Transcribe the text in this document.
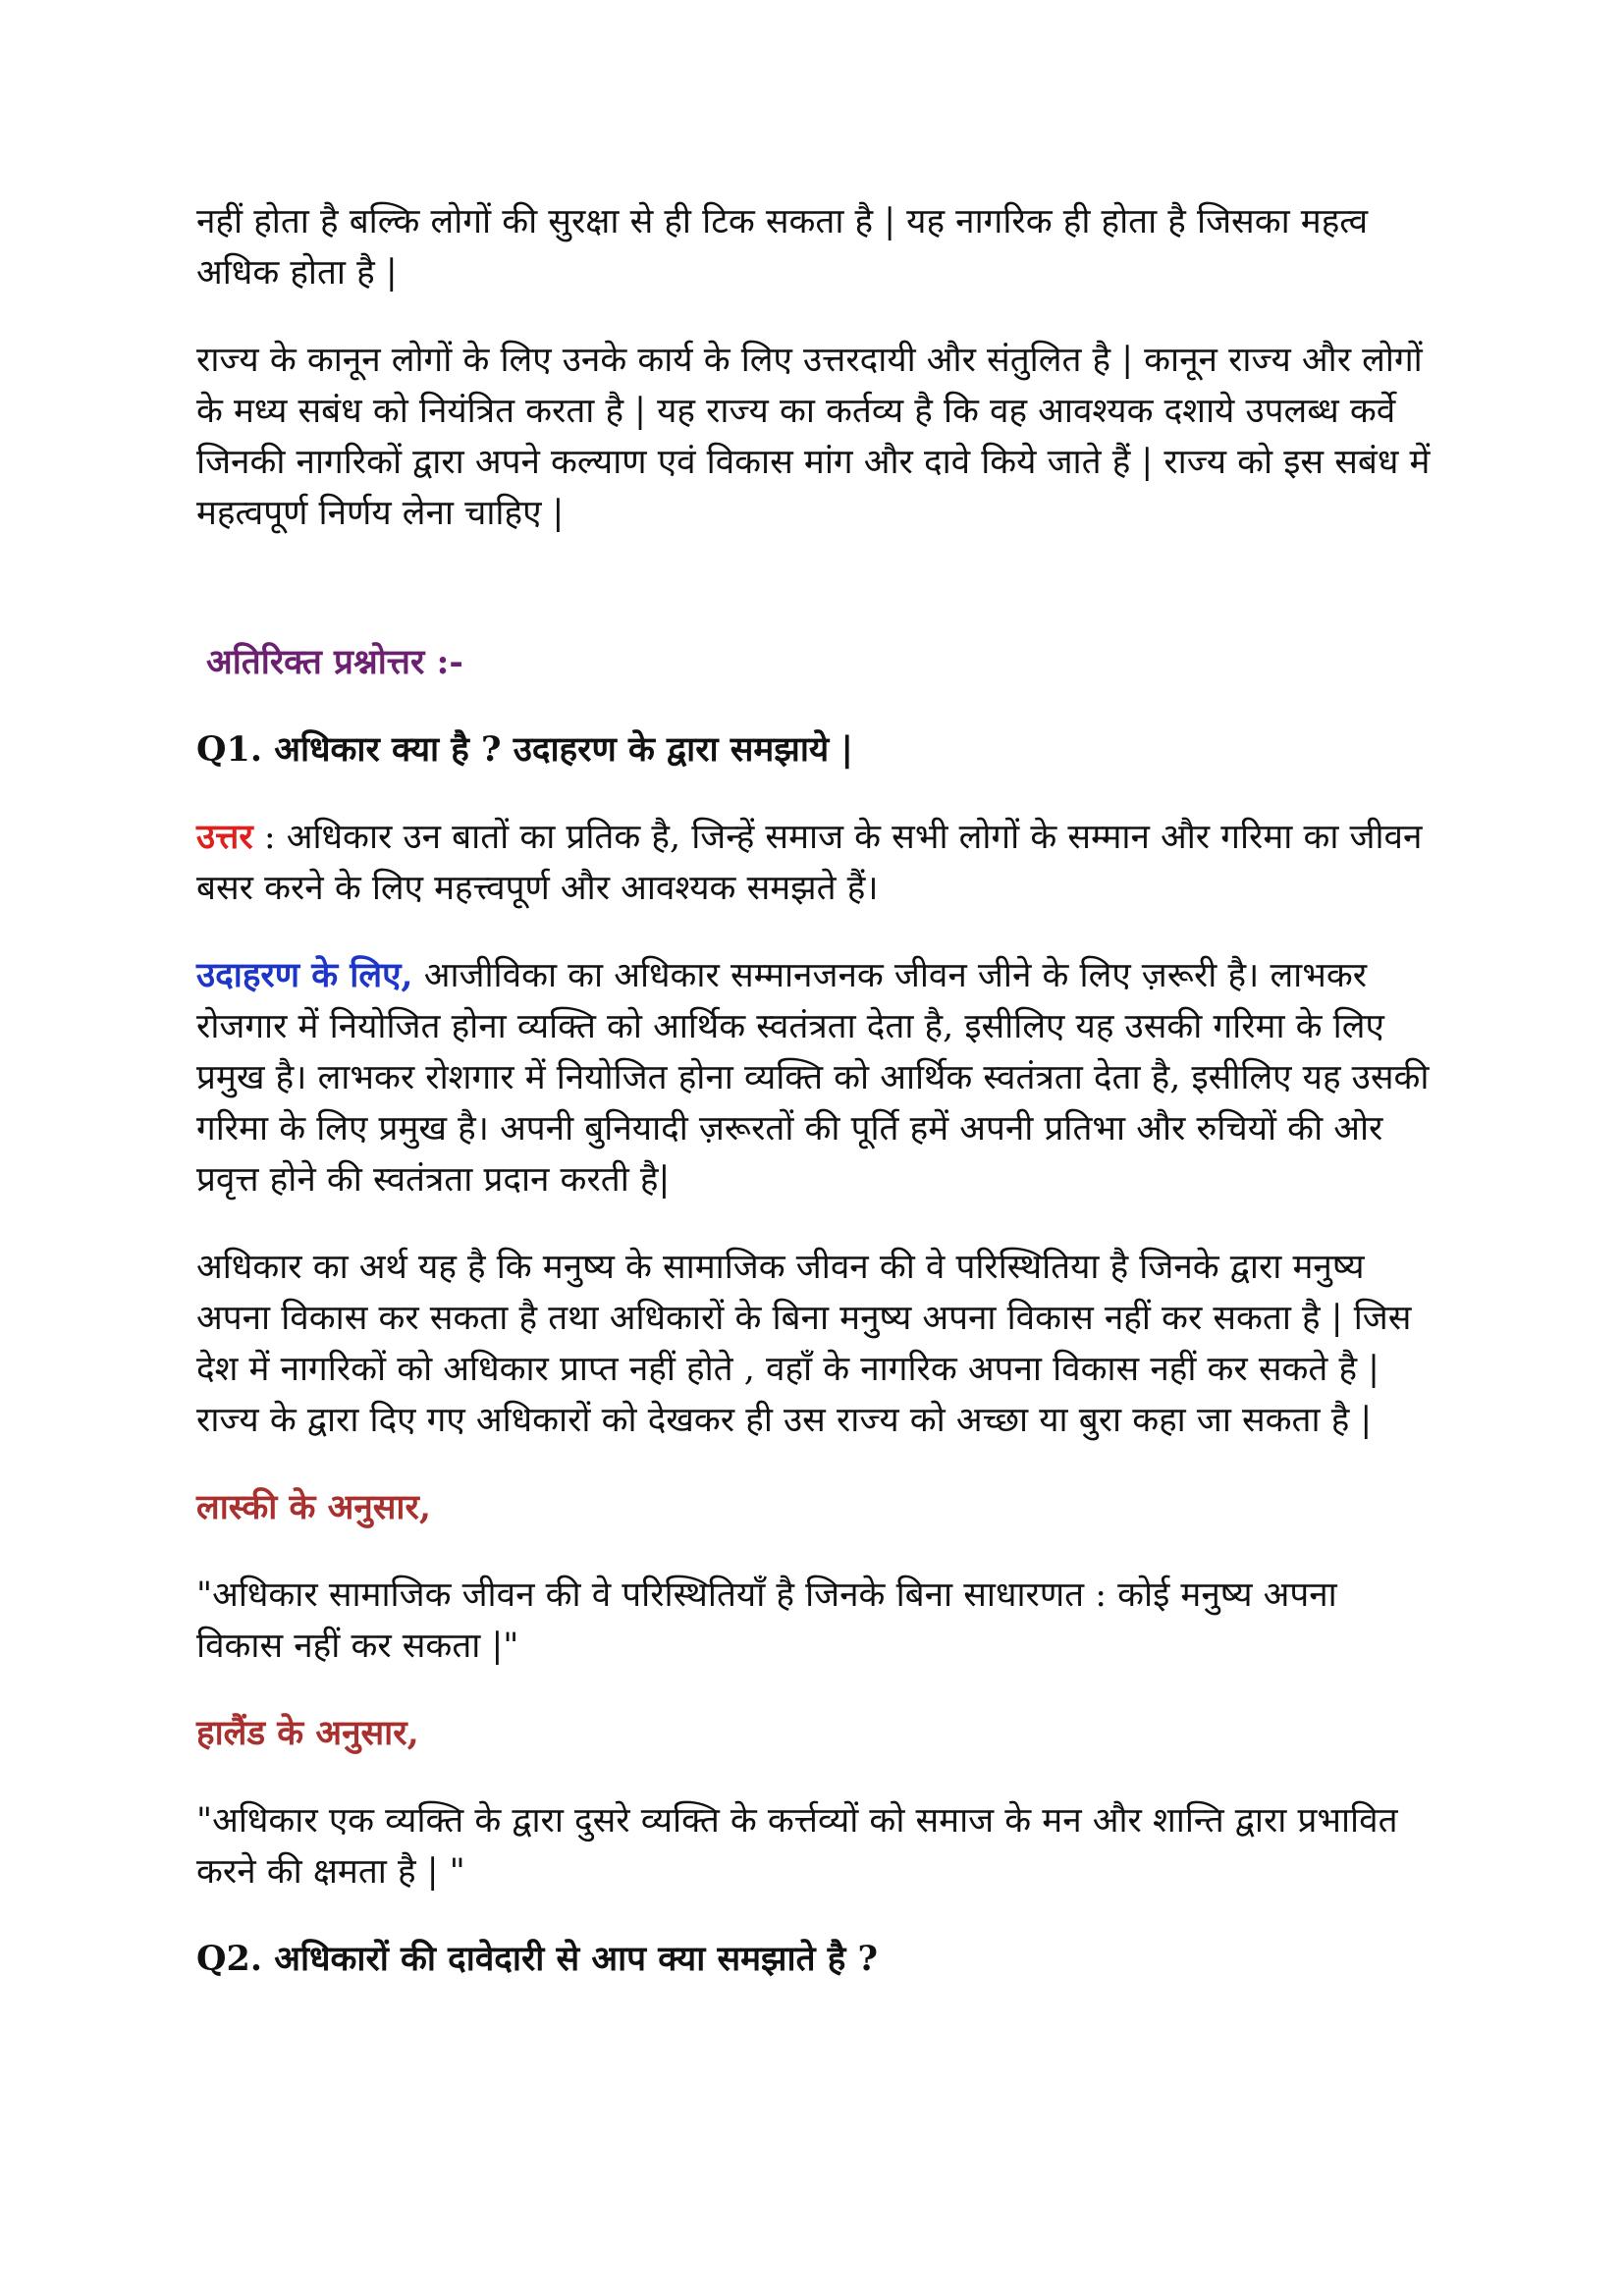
नहीं होता है बल्कि लोगों की सुरक्षा से ही टिक सकता है | यह नागरिक ही होता है जिसका महत्व अधिक होता है |

राज्य के कानून लोगों के लिए उनके कार्य के लिए उत्तरदायी और संतुलित है | कानून राज्य और लोगों के मध्य सबंध को नियंत्रित करता है | यह राज्य का कर्तव्य है कि वह आवश्यक दशाये उपलब्ध कर्वे जिनकी नागरिकों द्वारा अपने कल्याण एवं विकास मांग और दावे किये जाते हैं | राज्य को इस सबंध में महत्वपूर्ण निर्णय लेना चाहिए |

अतिरिक्त प्रश्नोत्तर :-
Q1. अधिकार क्या है ? उदाहरण के द्वारा समझाये |

उत्तर : अधिकार उन बातों का प्रतिक है, जिन्हें समाज के सभी लोगों के सम्मान और गरिमा का जीवन बसर करने के लिए महत्त्वपूर्ण और आवश्यक समझते हैं।

उदाहरण के लिए, आजीविका का अधिकार सम्मानजनक जीवन जीने के लिए ज़रूरी है। लाभकर रोजगार में नियोजित होना व्यक्ति को आर्थिक स्वतंत्रता देता है, इसीलिए यह उसकी गरिमा के लिए प्रमुख है। लाभकर रोशगार में नियोजित होना व्यक्ति को आर्थिक स्वतंत्रता देता है, इसीलिए यह उसकी गरिमा के लिए प्रमुख है। अपनी बुनियादी ज़रूरतों की पूर्ति हमें अपनी प्रतिभा और रुचियों की ओर प्रवृत्त होने की स्वतंत्रता प्रदान करती है|

अधिकार का अर्थ यह है कि मनुष्य के सामाजिक जीवन की वे परिस्थितिया है जिनके द्वारा मनुष्य अपना विकास कर सकता है तथा अधिकारों के बिना मनुष्य अपना विकास नहीं कर सकता है | जिस देश में नागरिकों को अधिकार प्राप्त नहीं होते , वहाँ के नागरिक अपना विकास नहीं कर सकते है | राज्य के द्वारा दिए गए अधिकारों को देखकर ही उस राज्य को अच्छा या बुरा कहा जा सकता है |

लास्की के अनुसार,

"अधिकार सामाजिक जीवन की वे परिस्थितियाँ है जिनके बिना साधारणत : कोई मनुष्य अपना विकास नहीं कर सकता |"

हालैंड के अनुसार,

"अधिकार एक व्यक्ति के द्वारा दुसरे व्यक्ति के कर्त्तव्यों को समाज के मन और शान्ति द्वारा प्रभावित करने की क्षमता है | "

Q2. अधिकारों की दावेदारी से आप क्या समझाते है ?
